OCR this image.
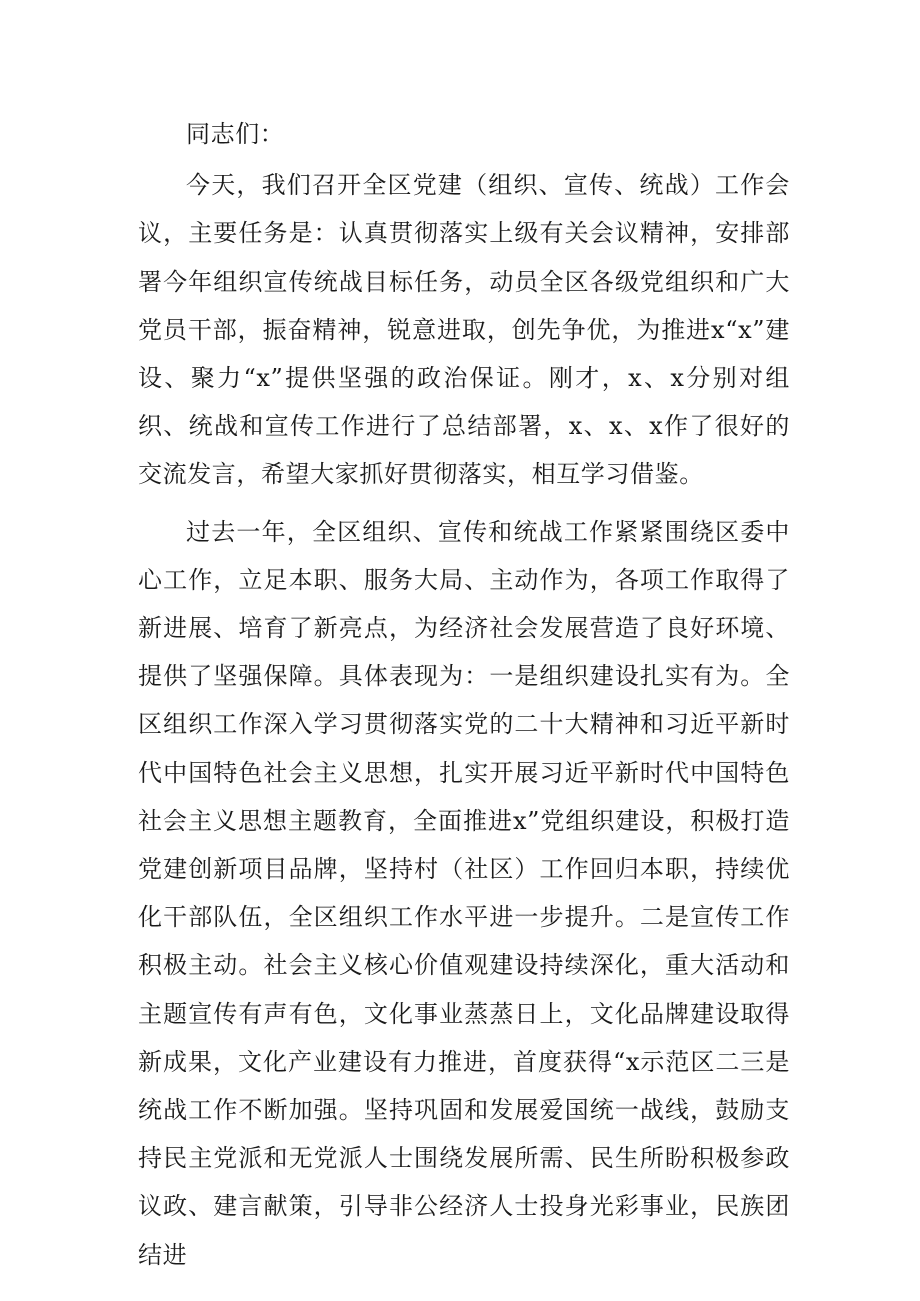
同志们：

今天，我们召开全区党建（组织、宣传、统战）工作会议，主要任务是：认真贯彻落实上级有关会议精神，安排部署今年组织宣传统战目标任务，动员全区各级党组织和广大党员干部，振奋精神，锐意进取，创先争优，为推进x“x”建设、聚力“x”提供坚强的政治保证。刚才，x、x分别对组织、统战和宣传工作进行了总结部署，x、x、x作了很好的交流发言，希望大家抓好贯彻落实，相互学习借鉴。

过去一年，全区组织、宣传和统战工作紧紧围绕区委中心工作，立足本职、服务大局、主动作为，各项工作取得了新进展、培育了新亮点，为经济社会发展营造了良好环境、提供了坚强保障。具体表现为：一是组织建设扎实有为。全区组织工作深入学习贯彻落实党的二十大精神和习近平新时代中国特色社会主义思想，扎实开展习近平新时代中国特色社会主义思想主题教育，全面推进x”党组织建设，积极打造党建创新项目品牌，坚持村（社区）工作回归本职，持续优化干部队伍，全区组织工作水平进一步提升。二是宣传工作积极主动。社会主义核心价值观建设持续深化，重大活动和主题宣传有声有色，文化事业蒸蒸日上，文化品牌建设取得新成果，文化产业建设有力推进，首度获得“x示范区二三是统战工作不断加强。坚持巩固和发展爱国统一战线，鼓励支持民主党派和无党派人士围绕发展所需、民生所盼积极参政议政、建言献策，引导非公经济人士投身光彩事业，民族团结进
